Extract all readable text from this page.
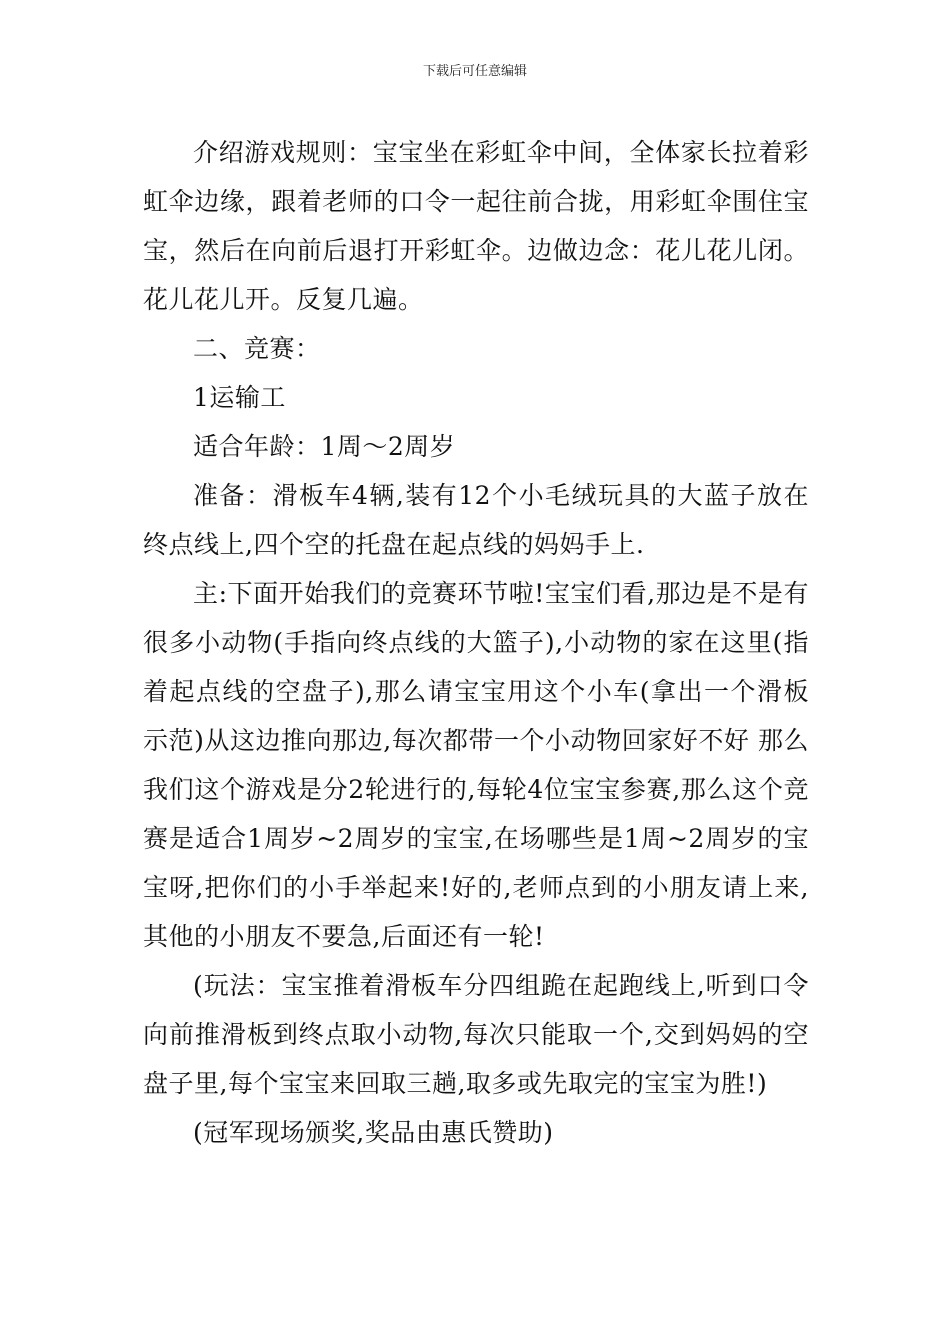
下载后可任意编辑

介绍游戏规则：宝宝坐在彩虹伞中间，全体家长拉着彩虹伞边缘，跟着老师的口令一起往前合拢，用彩虹伞围住宝宝，然后在向前后退打开彩虹伞。边做边念：花儿花儿闭。花儿花儿开。反复几遍。

二、竞赛：

1运输工

适合年龄：1周～2周岁

准备：滑板车4辆,装有12个小毛绒玩具的大蓝子放在终点线上,四个空的托盘在起点线的妈妈手上.

主:下面开始我们的竞赛环节啦!宝宝们看,那边是不是有很多小动物(手指向终点线的大篮子),小动物的家在这里(指着起点线的空盘子),那么请宝宝用这个小车(拿出一个滑板示范)从这边推向那边,每次都带一个小动物回家好不好 那么我们这个游戏是分2轮进行的,每轮4位宝宝参赛,那么这个竞赛是适合1周岁~2周岁的宝宝,在场哪些是1周~2周岁的宝宝呀,把你们的小手举起来!好的,老师点到的小朋友请上来,其他的小朋友不要急,后面还有一轮!

(玩法：宝宝推着滑板车分四组跪在起跑线上,听到口令向前推滑板到终点取小动物,每次只能取一个,交到妈妈的空盘子里,每个宝宝来回取三趟,取多或先取完的宝宝为胜!)

(冠军现场颁奖,奖品由惠氏赞助)
